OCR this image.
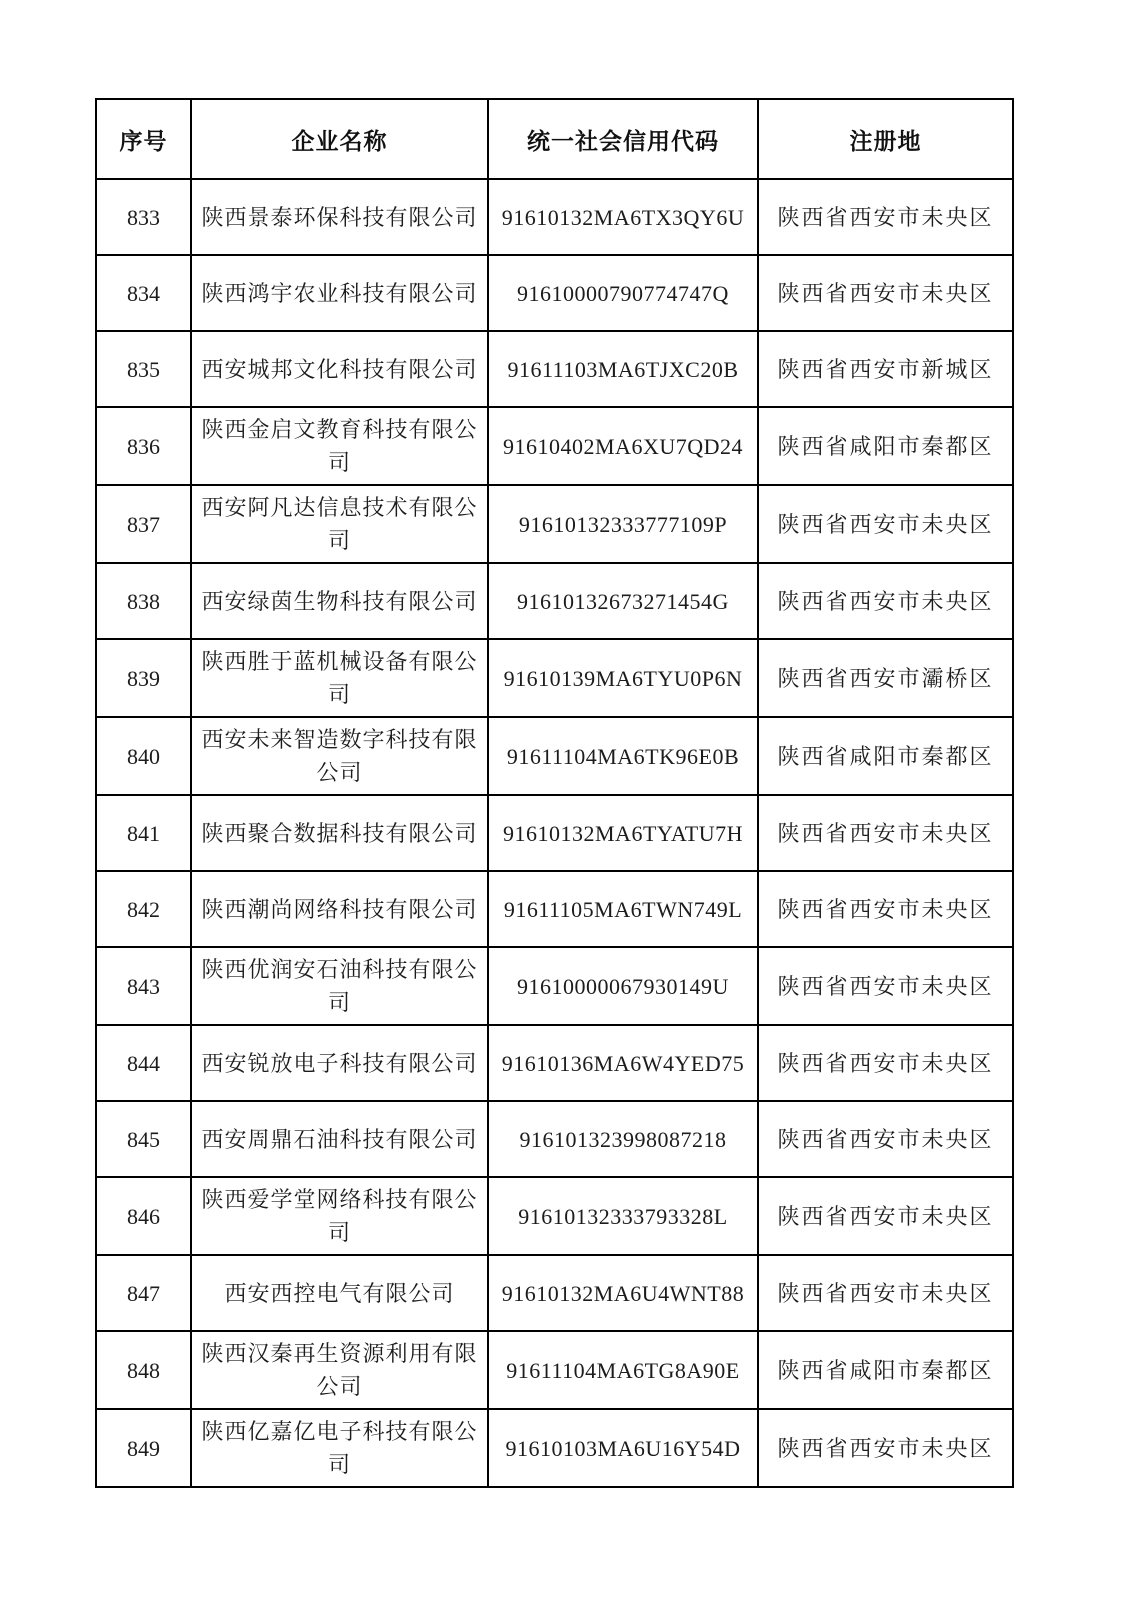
序号	企业名称	统一社会信用代码	注册地
833	陕西景泰环保科技有限公司	91610132MA6TX3QY6U	陕西省西安市未央区
834	陕西鸿宇农业科技有限公司	91610000790774747Q	陕西省西安市未央区
835	西安城邦文化科技有限公司	91611103MA6TJXC20B	陕西省西安市新城区
836	陕西金启文教育科技有限公司	91610402MA6XU7QD24	陕西省咸阳市秦都区
837	西安阿凡达信息技术有限公司	91610132333777109P	陕西省西安市未央区
838	西安绿茵生物科技有限公司	91610132673271454G	陕西省西安市未央区
839	陕西胜于蓝机械设备有限公司	91610139MA6TYU0P6N	陕西省西安市灞桥区
840	西安未来智造数字科技有限公司	91611104MA6TK96E0B	陕西省咸阳市秦都区
841	陕西聚合数据科技有限公司	91610132MA6TYATU7H	陕西省西安市未央区
842	陕西潮尚网络科技有限公司	91611105MA6TWN749L	陕西省西安市未央区
843	陕西优润安石油科技有限公司	91610000067930149U	陕西省西安市未央区
844	西安锐放电子科技有限公司	91610136MA6W4YED75	陕西省西安市未央区
845	西安周鼎石油科技有限公司	916101323998087218	陕西省西安市未央区
846	陕西爱学堂网络科技有限公司	91610132333793328L	陕西省西安市未央区
847	西安西控电气有限公司	91610132MA6U4WNT88	陕西省西安市未央区
848	陕西汉秦再生资源利用有限公司	91611104MA6TG8A90E	陕西省咸阳市秦都区
849	陕西亿嘉亿电子科技有限公司	91610103MA6U16Y54D	陕西省西安市未央区
